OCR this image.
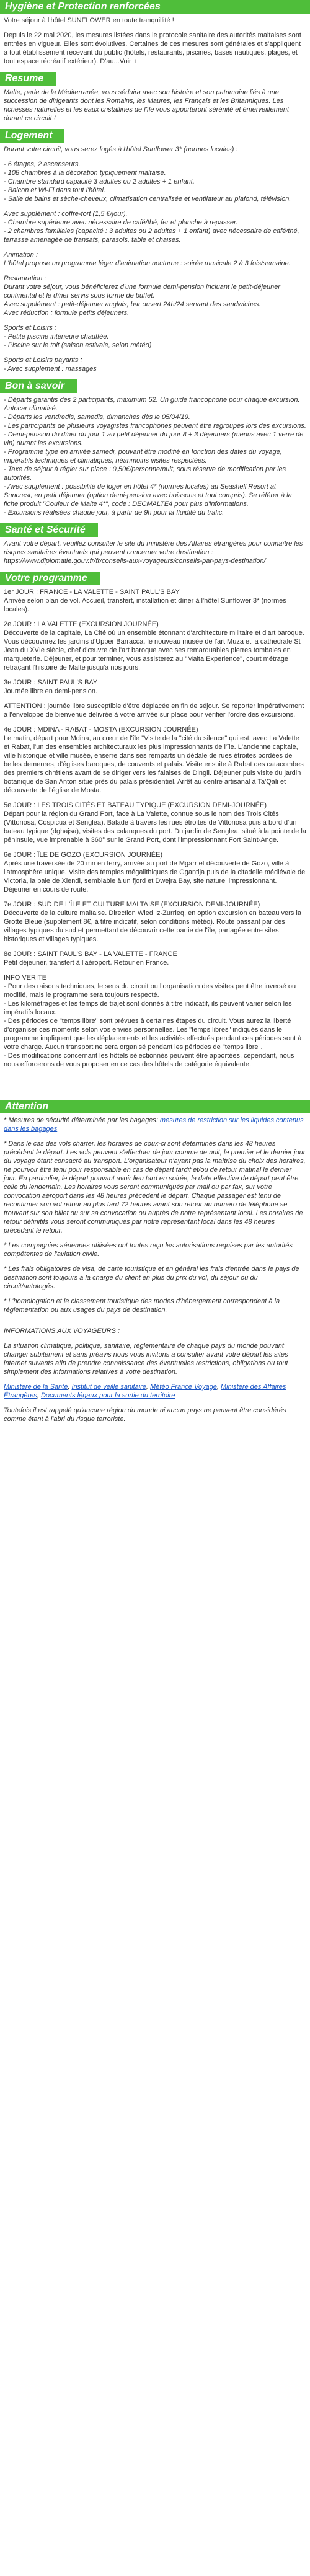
Hygiène et Protection renforcées

Votre séjour à l'hôtel SUNFLOWER en toute tranquillité !

Depuis le 22 mai 2020, les mesures listées dans le protocole sanitaire des autorités maltaises sont entrées en vigueur. Elles sont évolutives. Certaines de ces mesures sont générales et s'appliquent à tout établissement recevant du public (hôtels, restaurants, piscines, bases nautiques, plages, et tout espace récréatif extérieur). D'au...Voir +

Resume

Malte, perle de la Méditerranée, vous séduira avec son histoire et son patrimoine liés à une succession de dirigeants dont les Romains, les Maures, les Français et les Britanniques. Les richesses naturelles et les eaux cristallines de l'île vous apporteront sérénité et émerveillement durant ce circuit !

Logement

Durant votre circuit, vous serez logés à l'hôtel Sunflower 3* (normes locales) :

- 6 étages, 2 ascenseurs.
- 108 chambres à la décoration typiquement maltaise.
- Chambre standard capacité 3 adultes ou 2 adultes + 1 enfant.
- Balcon et Wi-Fi dans tout l'hôtel.
- Salle de bains et sèche-cheveux, climatisation centralisée et ventilateur au plafond, télévision.
Avec supplément : coffre-fort (1,5 €/jour).
- Chambre supérieure avec nécessaire de café/thé, fer et planche à repasser.
- 2 chambres familiales (capacité : 3 adultes ou 2 adultes + 1 enfant) avec nécessaire de café/thé, terrasse aménagée de transats, parasols, table et chaises.
Animation :
L'hôtel propose un programme léger d'animation nocturne : soirée musicale 2 à 3 fois/semaine.
Restauration :
Durant votre séjour, vous bénéficierez d'une formule demi-pension incluant le petit-déjeuner continental et le dîner servis sous forme de buffet.
Avec supplément : petit-déjeuner anglais, bar ouvert 24h/24 servant des sandwiches.
Avec réduction : formule petits déjeuners.
Sports et Loisirs :
- Petite piscine intérieure chauffée.
- Piscine sur le toit (saison estivale, selon météo)
Sports et Loisirs payants :
- Avec supplément : massages
Bon à savoir
- Départs garantis dès 2 participants, maximum 52. Un guide francophone pour chaque excursion. Autocar climatisé.
- Départs les vendredis, samedis, dimanches dès le 05/04/19.
- Les participants de plusieurs voyagistes francophones peuvent être regroupés lors des excursions.
- Demi-pension du dîner du jour 1 au petit déjeuner du jour 8 + 3 déjeuners (menus avec 1 verre de vin) durant les excursions.
- Programme type en arrivée samedi, pouvant être modifié en fonction des dates du voyage, impératifs techniques et climatiques, néanmoins visites respectées.
- Taxe de séjour à régler sur place : 0,50€/personne/nuit, sous réserve de modification par les autorités.
- Avec supplément : possibilité de loger en hôtel 4* (normes locales) au Seashell Resort at Suncrest, en petit déjeuner (option demi-pension avec boissons et tout compris). Se référer à la fiche produit "Couleur de Malte 4*", code : DECMALTE4 pour plus d'informations.
- Excursions réalisées chaque jour, à partir de 9h pour la fluidité du trafic.
Santé et Sécurité

Avant votre départ, veuillez consulter le site du ministère des Affaires étrangères pour connaître les risques sanitaires éventuels qui peuvent concerner votre destination : https://www.diplomatie.gouv.fr/fr/conseils-aux-voyageurs/conseils-par-pays-destination/

Votre programme

1er JOUR : FRANCE - LA VALETTE - SAINT PAUL'S BAY
Arrivée selon plan de vol. Accueil, transfert, installation et dîner à l'hôtel Sunflower 3* (normes locales).

2e JOUR : LA VALETTE (EXCURSION JOURNÉE)
Découverte de la capitale, La Cité où un ensemble étonnant d'architecture militaire et d'art baroque. Vous découvrirez les jardins d'Upper Barracca, le nouveau musée de l'art Muza et la cathédrale St Jean du XVIe siècle, chef d'œuvre de l'art baroque avec ses remarquables pierres tombales en marqueterie. Déjeuner, et pour terminer, vous assisterez au "Malta Experience", court métrage retraçant l'histoire de Malte jusqu'à nos jours.

3e JOUR : SAINT PAUL'S BAY
Journée libre en demi-pension.

ATTENTION : journée libre susceptible d'être déplacée en fin de séjour. Se reporter impérativement à l'enveloppe de bienvenue délivrée à votre arrivée sur place pour vérifier l'ordre des excursions.

4e JOUR : MDINA - RABAT - MOSTA (EXCURSION JOURNÉE)
Le matin, départ pour Mdina, au cœur de l'île "Visite de la "cité du silence" qui est, avec La Valette et Rabat, l'un des ensembles architecturaux les plus impressionnants de l'île. L'ancienne capitale, ville historique et ville musée, enserre dans ses remparts un dédale de rues étroites bordées de belles demeures, d'églises baroques, de couvents et palais. Visite ensuite à Rabat des catacombes des premiers chrétiens avant de se diriger vers les falaises de Dingli. Déjeuner puis visite du jardin botanique de San Anton situé près du palais présidentiel. Arrêt au centre artisanal à Ta'Qali et découverte de l'église de Mosta.

5e JOUR : LES TROIS CITÉS ET BATEAU TYPIQUE (EXCURSION DEMI-JOURNÉE)
Départ pour la région du Grand Port, face à La Valette, connue sous le nom des Trois Cités (Vittoriosa, Cospicua et Senglea). Balade à travers les rues étroites de Vittoriosa puis à bord d'un bateau typique (dghajsa), visites des calanques du port. Du jardin de Senglea, situé à la pointe de la péninsule, vue imprenable à 360° sur le Grand Port, dont l'impressionnant Fort Saint-Ange.

6e JOUR : ÎLE DE GOZO (EXCURSION JOURNÉE)
Après une traversée de 20 mn en ferry, arrivée au port de Mgarr et découverte de Gozo, ville à l'atmosphère unique. Visite des temples mégalithiques de Ggantija puis de la citadelle médiévale de Victoria, la baie de Xlendi, semblable à un fjord et Dwejra Bay, site naturel impressionnant. Déjeuner en cours de route.

7e JOUR : SUD DE L'ÎLE ET CULTURE MALTAISE (EXCURSION DEMI-JOURNÉE)
Découverte de la culture maltaise. Direction Wied Iz-Zurrieq, en option excursion en bateau vers la Grotte Bleue (supplément 8€, à titre indicatif, selon conditions météo). Route passant par des villages typiques du sud et permettant de découvrir cette partie de l'île, partagée entre sites historiques et villages typiques.

8e JOUR : SAINT PAUL'S BAY - LA VALETTE - FRANCE
Petit déjeuner, transfert à l'aéroport. Retour en France.

INFO VERITE
- Pour des raisons techniques, le sens du circuit ou l'organisation des visites peut être inversé ou modifié, mais le programme sera toujours respecté.
- Les kilométrages et les temps de trajet sont donnés à titre indicatif, ils peuvent varier selon les impératifs locaux.
- Des périodes de "temps libre" sont prévues à certaines étapes du circuit. Vous aurez la liberté d'organiser ces moments selon vos envies personnelles. Les "temps libres" indiqués dans le programme impliquent que les déplacements et les activités effectués pendant ces périodes sont à votre charge. Aucun transport ne sera organisé pendant les périodes de "temps libre".
- Des modifications concernant les hôtels sélectionnés peuvent être apportées, cependant, nous nous efforcerons de vous proposer en ce cas des hôtels de catégorie équivalente.

Attention

* Mesures de sécurité déterminée par les bagages: mesures de restriction sur les liquides contenus dans les bagages

* Dans le cas des vols charter, les horaires de coux-ci sont déterminés dans les 48 heures précédant le départ. Les vols peuvent s'effectuer de jour comme de nuit, le premier et le dernier jour du voyage étant consacré au transport. L'organisateur n'ayant pas la maîtrise du choix des horaires, ne pourvoir être tenu pour responsable en cas de départ tardif et/ou de retour matinal le dernier jour. En particulier, le départ pouvant avoir lieu tard en soirée, la date effective de départ peut être celle du lendemain. Les horaires vous seront communiqués par mail ou par fax, sur votre convocation aéroport dans les 48 heures précédent le départ. Chaque passager est tenu de reconfirmer son vol retour au plus tard 72 heures avant son retour au numéro de téléphone se trouvant sur son billet ou sur sa convocation ou auprès de notre représentant local. Les horaires de retour définitifs vous seront communiqués par notre représentant local dans les 48 heures précédant le retour.

* Les compagnies aériennes utilisées ont toutes reçu les autorisations requises par les autorités compétentes de l'aviation civile.

* Les frais obligatoires de visa, de carte touristique et en général les frais d'entrée dans le pays de destination sont toujours à la charge du client en plus du prix du vol, du séjour ou du circuit/autotogés.

* L'homologation et le classement touristique des modes d'hébergement correspondent à la réglementation ou aux usages du pays de destination.

INFORMATIONS AUX VOYAGEURS :

La situation climatique, politique, sanitaire, réglementaire de chaque pays du monde pouvant changer subitement et sans préavis nous vous invitons à consulter avant votre départ les sites internet suivants afin de prendre connaissance des éventuelles restrictions, obligations ou tout simplement des informations relatives à votre destination.

Ministère de la Santé, Institut de veille sanitaire, Météo France Voyage, Ministère des Affaires Étrangères, Documents légaux pour la sortie du territoire

Toutefois il est rappelé qu'aucune région du monde ni aucun pays ne peuvent être considérés comme étant à l'abri du risque terroriste.
